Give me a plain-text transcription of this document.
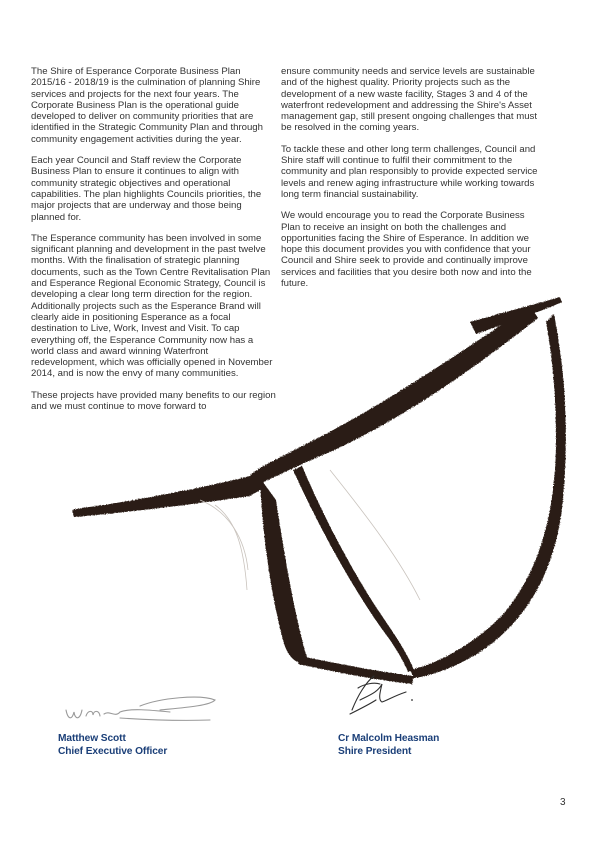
The Shire of Esperance Corporate Business Plan 2015/16 - 2018/19 is the culmination of planning Shire services and projects for the next four years. The Corporate Business Plan is the operational guide developed to deliver on community priorities that are identified in the Strategic Community Plan and through community engagement activities during the year.

Each year Council and Staff review the Corporate Business Plan to ensure it continues to align with community strategic objectives and operational capabilities. The plan highlights Councils priorities, the major projects that are underway and those being planned for.

The Esperance community has been involved in some significant planning and development in the past twelve months. With the finalisation of strategic planning documents, such as the Town Centre Revitalisation Plan and Esperance Regional Economic Strategy, Council is developing a clear long term direction for the region. Additionally projects such as the Esperance Brand will clearly aide in positioning Esperance as a focal destination to Live, Work, Invest and Visit. To cap everything off, the Esperance Community now has a world class and award winning Waterfront redevelopment, which was officially opened in November 2014, and is now the envy of many communities.

These projects have provided many benefits to our region and we must continue to move forward to

ensure community needs and service levels are sustainable and of the highest quality. Priority projects such as the development of a new waste facility, Stages 3 and 4 of the waterfront redevelopment and addressing the Shire's Asset management gap, still present ongoing challenges that must be resolved in the coming years.

To tackle these and other long term challenges, Council and Shire staff will continue to fulfil their commitment to the community and plan responsibly to provide expected service levels and renew aging infrastructure while working towards long term financial sustainability.

We would encourage you to read the Corporate Business Plan to receive an insight on both the challenges and opportunities facing the Shire of Esperance. In addition we hope this document provides you with confidence that your Council and Shire seek to provide and continually improve services and facilities that you desire both now and into the future.

Matthew Scott
Chief Executive Officer
Cr Malcolm Heasman
Shire President
3
